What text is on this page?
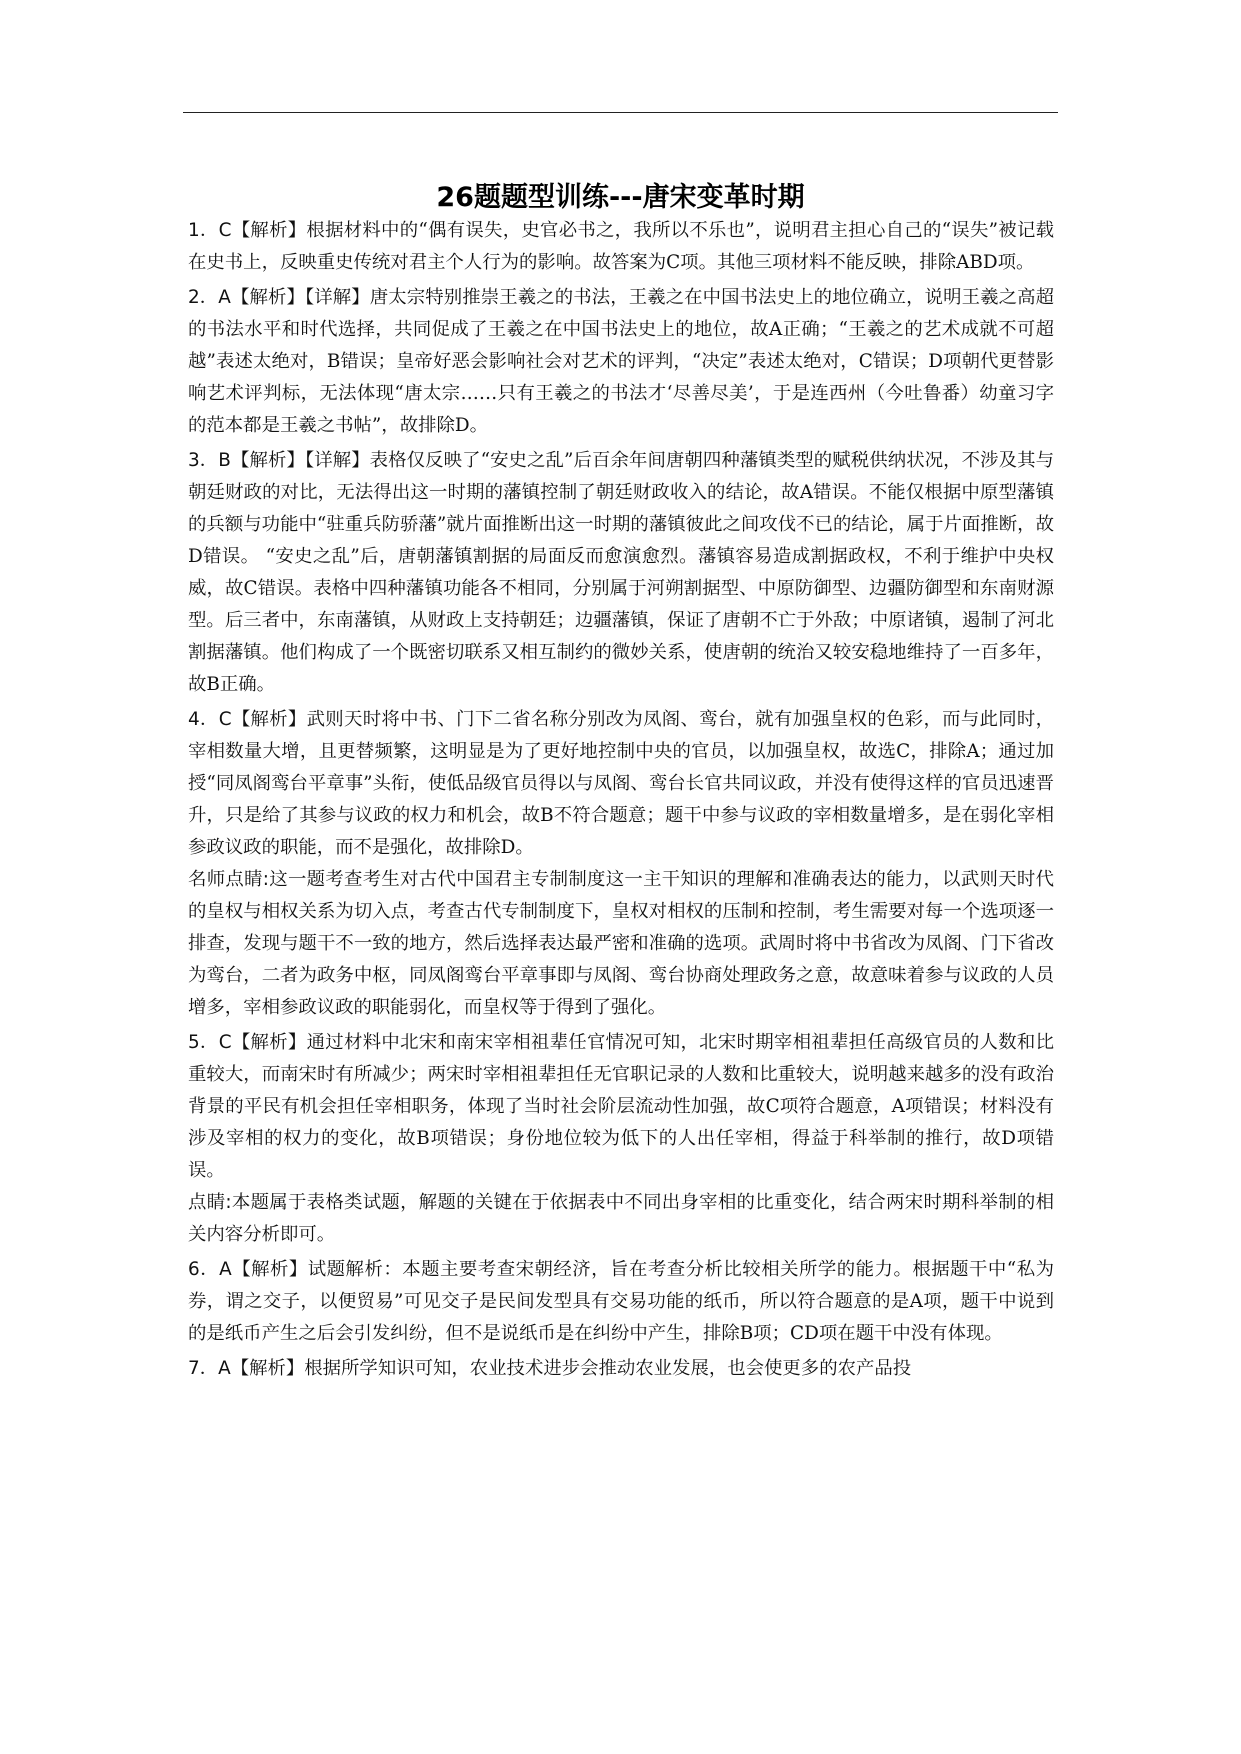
26题题型训练---唐宋变革时期

1．C【解析】根据材料中的“偶有误失，史官必书之，我所以不乐也”，说明君主担心自己的“误失”被记载在史书上，反映重史传统对君主个人行为的影响。故答案为C项。其他三项材料不能反映，排除ABD项。

2．A【解析】【详解】唐太宗特别推崇王羲之的书法，王羲之在中国书法史上的地位确立，说明王羲之高超的书法水平和时代选择，共同促成了王羲之在中国书法史上的地位，故A正确；“王羲之的艺术成就不可超越”表述太绝对，B错误；皇帝好恶会影响社会对艺术的评判，“决定”表述太绝对，C错误；D项朝代更替影响艺术评判标，无法体现“唐太宗……只有王羲之的书法才‘尽善尽美’，于是连西州（今吐鲁番）幼童习字的范本都是王羲之书帖”，故排除D。

3．B【解析】【详解】表格仅反映了“安史之乱”后百余年间唐朝四种藩镇类型的赋税供纳状况，不涉及其与朝廷财政的对比，无法得出这一时期的藩镇控制了朝廷财政收入的结论，故A错误。不能仅根据中原型藩镇的兵额与功能中“驻重兵防骄藩”就片面推断出这一时期的藩镇彼此之间攻伐不已的结论，属于片面推断，故D错误。 “安史之乱”后，唐朝藩镇割据的局面反而愈演愈烈。藩镇容易造成割据政权，不利于维护中央权威，故C错误。表格中四种藩镇功能各不相同，分别属于河朔割据型、中原防御型、边疆防御型和东南财源型。后三者中，东南藩镇，从财政上支持朝廷；边疆藩镇，保证了唐朝不亡于外敌；中原诸镇，遏制了河北割据藩镇。他们构成了一个既密切联系又相互制约的微妙关系，使唐朝的统治又较安稳地维持了一百多年，故B正确。

4．C【解析】武则天时将中书、门下二省名称分别改为凤阁、鸾台，就有加强皇权的色彩，而与此同时，宰相数量大增，且更替频繁，这明显是为了更好地控制中央的官员，以加强皇权，故选C，排除A；通过加授“同凤阁鸾台平章事”头衔，使低品级官员得以与凤阁、鸾台长官共同议政，并没有使得这样的官员迅速晋升，只是给了其参与议政的权力和机会，故B不符合题意；题干中参与议政的宰相数量增多，是在弱化宰相参政议政的职能，而不是强化，故排除D。

名师点睛:这一题考查考生对古代中国君主专制制度这一主干知识的理解和准确表达的能力，以武则天时代的皇权与相权关系为切入点，考查古代专制制度下，皇权对相权的压制和控制，考生需要对每一个选项逐一排查，发现与题干不一致的地方，然后选择表达最严密和准确的选项。武周时将中书省改为凤阁、门下省改为鸾台，二者为政务中枢，同凤阁鸾台平章事即与凤阁、鸾台协商处理政务之意，故意味着参与议政的人员增多，宰相参政议政的职能弱化，而皇权等于得到了强化。

5．C【解析】通过材料中北宋和南宋宰相祖辈任官情况可知，北宋时期宰相祖辈担任高级官员的人数和比重较大，而南宋时有所减少；两宋时宰相祖辈担任无官职记录的人数和比重较大，说明越来越多的没有政治背景的平民有机会担任宰相职务，体现了当时社会阶层流动性加强，故C项符合题意，A项错误；材料没有涉及宰相的权力的变化，故B项错误；身份地位较为低下的人出任宰相，得益于科举制的推行，故D项错误。

点睛:本题属于表格类试题，解题的关键在于依据表中不同出身宰相的比重变化，结合两宋时期科举制的相关内容分析即可。

6．A【解析】试题解析：本题主要考查宋朝经济，旨在考查分析比较相关所学的能力。根据题干中“私为券，谓之交子，以便贸易”可见交子是民间发型具有交易功能的纸币，所以符合题意的是A项，题干中说到的是纸币产生之后会引发纠纷，但不是说纸币是在纠纷中产生，排除B项；CD项在题干中没有体现。

7．A【解析】根据所学知识可知，农业技术进步会推动农业发展，也会使更多的农产品投
